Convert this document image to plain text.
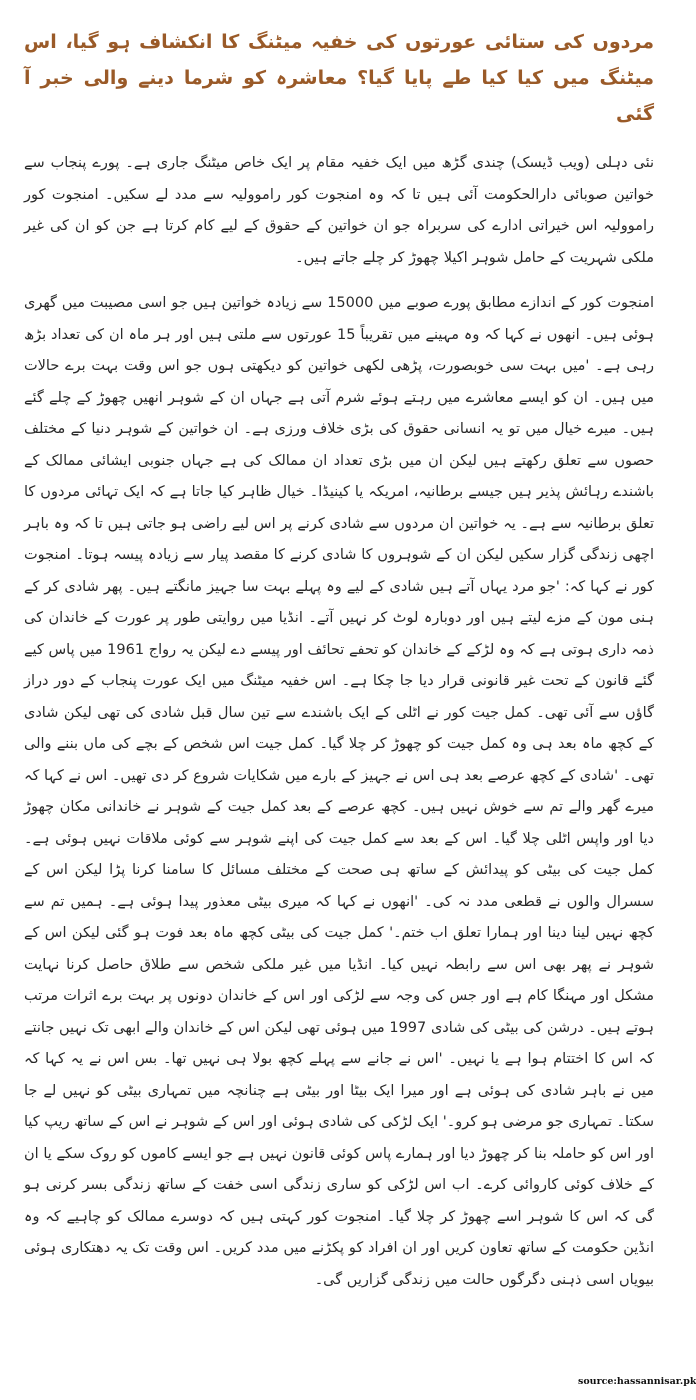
مردوں کی ستائی عورتوں کی خفیہ میٹنگ کا انکشاف ہو گیا، اس میٹنگ میں کیا کیا طے پایا گیا؟ معاشرہ کو شرما دینے والی خبر آ گئی

نئی دہلی (ویب ڈیسک) چندی گڑھ میں ایک خفیہ مقام پر ایک خاص میٹنگ جاری ہے۔ پورے پنجاب سے خواتین صوبائی دارالحکومت آئی ہیں تا کہ وہ امنجوت کور راموولیہ سے مدد لے سکیں۔ امنجوت کور راموولیہ اس خیراتی ادارے کی سربراہ جو ان خواتین کے حقوق کے لیے کام کرتا ہے جن کو ان کی غیر ملکی شہریت کے حامل شوہر اکیلا چھوڑ کر چلے جاتے ہیں۔

امنجوت کور کے اندازے مطابق پورے صوبے میں 15000 سے زیادہ خواتین ہیں جو اسی مصیبت میں گھری ہوئی ہیں۔ انھوں نے کہا کہ وہ مہینے میں تقریباً 15 عورتوں سے ملتی ہیں اور ہر ماہ ان کی تعداد بڑھ رہی ہے۔ 'میں بہت سی خوبصورت، پڑھی لکھی خواتین کو دیکھتی ہوں جو اس وقت بہت برے حالات میں ہیں۔ ان کو ایسے معاشرے میں رہتے ہوئے شرم آتی ہے جہاں ان کے شوہر انھیں چھوڑ کے چلے گئے ہیں۔ میرے خیال میں تو یہ انسانی حقوق کی بڑی خلاف ورزی ہے۔ ان خواتین کے شوہر دنیا کے مختلف حصوں سے تعلق رکھتے ہیں لیکن ان میں بڑی تعداد ان ممالک کی ہے جہاں جنوبی ایشائی ممالک کے باشندے رہائش پذیر ہیں جیسے برطانیہ، امریکہ یا کینیڈا۔ خیال ظاہر کیا جاتا ہے کہ ایک تہائی مردوں کا تعلق برطانیہ سے ہے۔ یہ خواتین ان مردوں سے شادی کرنے پر اس لیے راضی ہو جاتی ہیں تا کہ وہ باہر اچھی زندگی گزار سکیں لیکن ان کے شوہروں کا شادی کرنے کا مقصد پیار سے زیادہ پیسہ ہوتا۔ امنجوت کور نے کہا کہ: 'جو مرد یہاں آتے ہیں شادی کے لیے وہ پہلے بہت سا جہیز مانگتے ہیں۔ پھر شادی کر کے ہنی مون کے مزے لیتے ہیں اور دوبارہ لوٹ کر نہیں آتے۔ انڈیا میں روایتی طور پر عورت کے خاندان کی ذمہ داری ہوتی ہے کہ وہ لڑکے کے خاندان کو تحفے تحائف اور پیسے دے لیکن یہ رواج 1961 میں پاس کیے گئے قانون کے تحت غیر قانونی قرار دیا جا چکا ہے۔ اس خفیہ میٹنگ میں ایک عورت پنجاب کے دور دراز گاؤں سے آئی تھی۔ کمل جیت کور نے اٹلی کے ایک باشندے سے تین سال قبل شادی کی تھی لیکن شادی کے کچھ ماہ بعد ہی وہ کمل جیت کو چھوڑ کر چلا گیا۔ کمل جیت اس شخص کے بچے کی ماں بننے والی تھی۔ 'شادی کے کچھ عرصے بعد ہی اس نے جہیز کے بارے میں شکایات شروع کر دی تھیں۔ اس نے کہا کہ میرے گھر والے تم سے خوش نہیں ہیں۔ کچھ عرصے کے بعد کمل جیت کے شوہر نے خاندانی مکان چھوڑ دیا اور واپس اٹلی چلا گیا۔ اس کے بعد سے کمل جیت کی اپنے شوہر سے کوئی ملاقات نہیں ہوئی ہے۔ کمل جیت کی بیٹی کو پیدائش کے ساتھ ہی صحت کے مختلف مسائل کا سامنا کرنا پڑا لیکن اس کے سسرال والوں نے قطعی مدد نہ کی۔ 'انھوں نے کہا کہ میری بیٹی معذور پیدا ہوئی ہے۔ ہمیں تم سے کچھ نہیں لینا دینا اور ہمارا تعلق اب ختم۔' کمل جیت کی بیٹی کچھ ماہ بعد فوت ہو گئی لیکن اس کے شوہر نے پھر بھی اس سے رابطہ نہیں کیا۔ انڈیا میں غیر ملکی شخص سے طلاق حاصل کرنا نہایت مشکل اور مہنگا کام ہے اور جس کی وجہ سے لڑکی اور اس کے خاندان دونوں پر بہت برے اثرات مرتب ہوتے ہیں۔ درشن کی بیٹی کی شادی 1997 میں ہوئی تھی لیکن اس کے خاندان والے ابھی تک نہیں جانتے کہ اس کا اختتام ہوا ہے یا نہیں۔ 'اس نے جانے سے پہلے کچھ بولا ہی نہیں تھا۔ بس اس نے یہ کہا کہ میں نے باہر شادی کی ہوئی ہے اور میرا ایک بیٹا اور بیٹی ہے چنانچہ میں تمہاری بیٹی کو نہیں لے جا سکتا۔ تمہاری جو مرضی ہو کرو۔' ایک لڑکی کی شادی ہوئی اور اس کے شوہر نے اس کے ساتھ ریپ کیا اور اس کو حاملہ بنا کر چھوڑ دیا اور ہمارے پاس کوئی قانون نہیں ہے جو ایسے کاموں کو روک سکے یا ان کے خلاف کوئی کاروائی کرے۔ اب اس لڑکی کو ساری زندگی اسی خفت کے ساتھ زندگی بسر کرنی ہو گی کہ اس کا شوہر اسے چھوڑ کر چلا گیا۔ امنجوت کور کہتی ہیں کہ دوسرے ممالک کو چاہیے کہ وہ انڈین حکومت کے ساتھ تعاون کریں اور ان افراد کو پکڑنے میں مدد کریں۔ اس وقت تک یہ دھتکاری ہوئی بیویاں اسی ذہنی دگرگوں حالت میں زندگی گزاریں گی۔

source:hassannisar.pk
